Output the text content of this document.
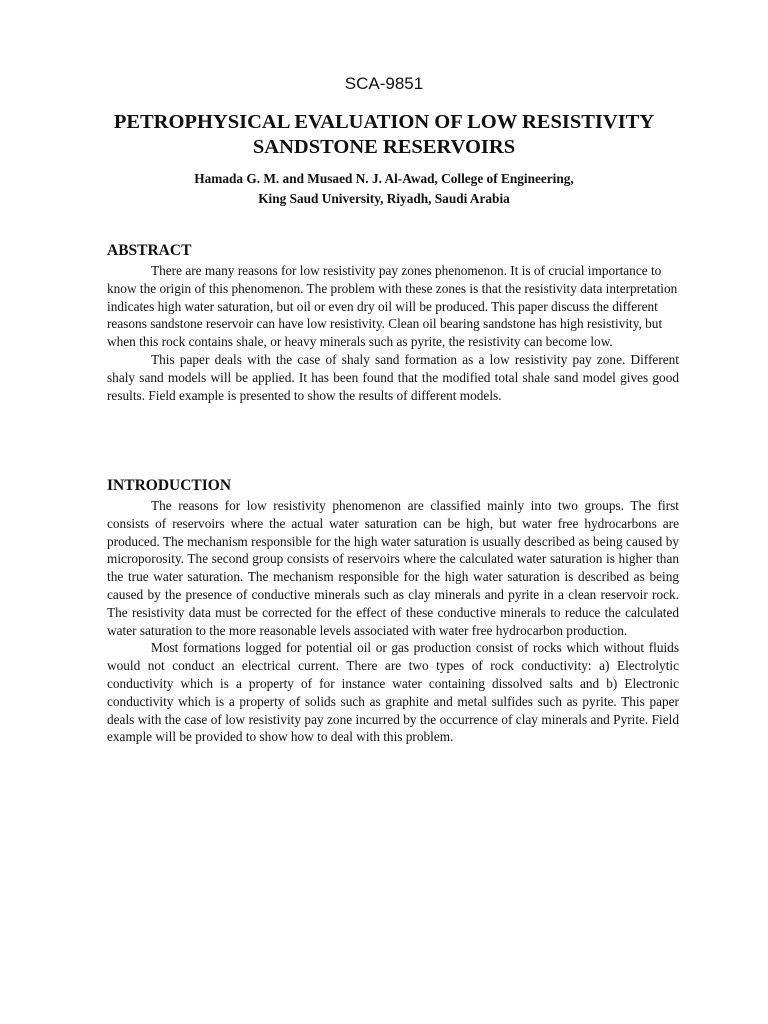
SCA-9851
PETROPHYSICAL EVALUATION OF LOW RESISTIVITY
SANDSTONE RESERVOIRS
Hamada G. M. and Musaed N. J. Al-Awad, College of Engineering,
King Saud University, Riyadh, Saudi Arabia
ABSTRACT

There are many reasons for low resistivity pay zones phenomenon. It is of crucial importance to know the origin of this phenomenon. The problem with these zones is that the resistivity data interpretation indicates high water saturation, but oil or even dry oil will be produced. This paper discuss the different reasons sandstone reservoir can have low resistivity. Clean oil bearing sandstone has high resistivity, but when this rock contains shale, or heavy minerals such as pyrite, the resistivity can become low.

This paper deals with the case of shaly sand formation as a low resistivity pay zone. Different shaly sand models will be applied. It has been found that the modified total shale sand model gives good results. Field example is presented to show the results of different models.

INTRODUCTION

The reasons for low resistivity phenomenon are classified mainly into two groups. The first consists of reservoirs where the actual water saturation can be high, but water free hydrocarbons are produced. The mechanism responsible for the high water saturation is usually described as being caused by microporosity. The second group consists of reservoirs where the calculated water saturation is higher than the true water saturation. The mechanism responsible for the high water saturation is described as being caused by the presence of conductive minerals such as clay minerals and pyrite in a clean reservoir rock. The resistivity data must be corrected for the effect of these conductive minerals to reduce the calculated water saturation to the more reasonable levels associated with water free hydrocarbon production.

Most formations logged for potential oil or gas production consist of rocks which without fluids would not conduct an electrical current. There are two types of rock conductivity: a) Electrolytic conductivity which is a property of for instance water containing dissolved salts and b) Electronic conductivity which is a property of solids such as graphite and metal sulfides such as pyrite. This paper deals with the case of low resistivity pay zone incurred by the occurrence of clay minerals and Pyrite. Field example will be provided to show how to deal with this problem.
